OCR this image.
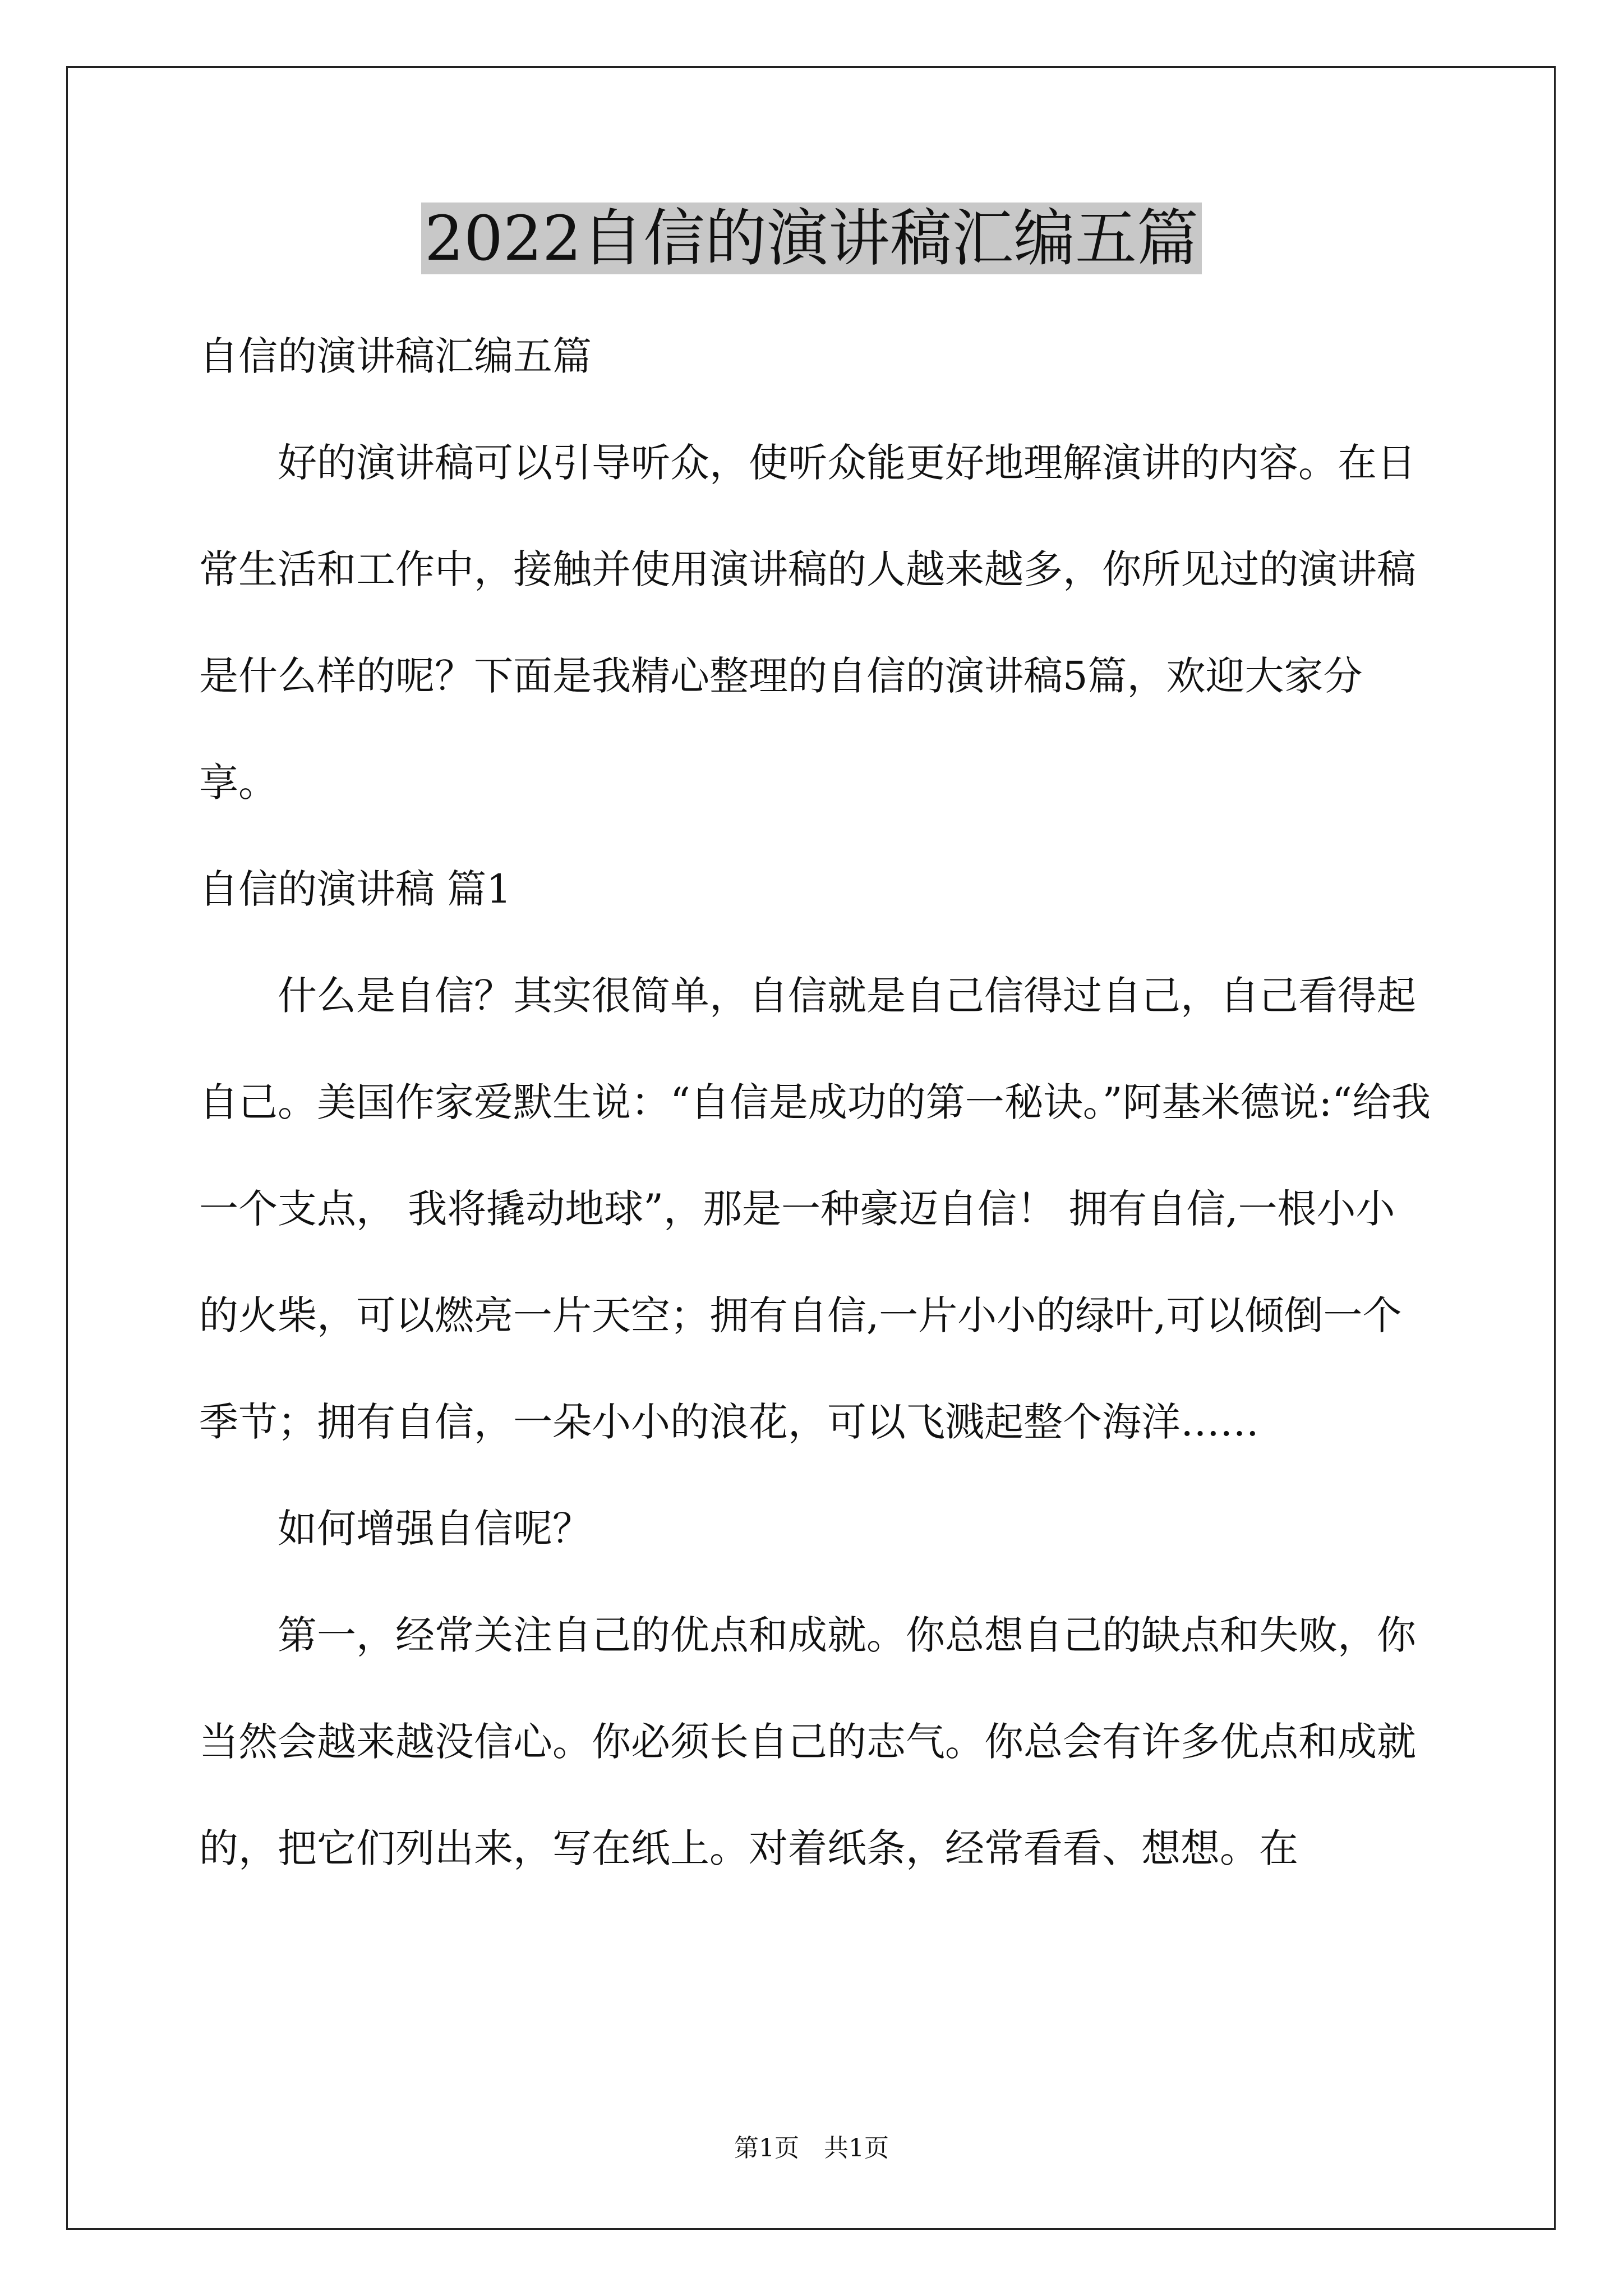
2022自信的演讲稿汇编五篇

自信的演讲稿汇编五篇

好的演讲稿可以引导听众，使听众能更好地理解演讲的内容。在日常生活和工作中，接触并使用演讲稿的人越来越多，你所见过的演讲稿是什么样的呢？下面是我精心整理的自信的演讲稿5篇，欢迎大家分享。

自信的演讲稿 篇1

什么是自信？其实很简单，自信就是自己信得过自己，自己看得起自己。美国作家爱默生说：“自信是成功的第一秘诀。”阿基米德说:“给我一个支点， 我将撬动地球”，那是一种豪迈自信！ 拥有自信,一根小小的火柴，可以燃亮一片天空；拥有自信,一片小小的绿叶,可以倾倒一个季节；拥有自信，一朵小小的浪花，可以飞溅起整个海洋……

如何增强自信呢？

第一，经常关注自己的优点和成就。你总想自己的缺点和失败，你当然会越来越没信心。你必须长自己的志气。你总会有许多优点和成就的，把它们列出来，写在纸上。对着纸条，经常看看、想想。在

第1页　共1页
